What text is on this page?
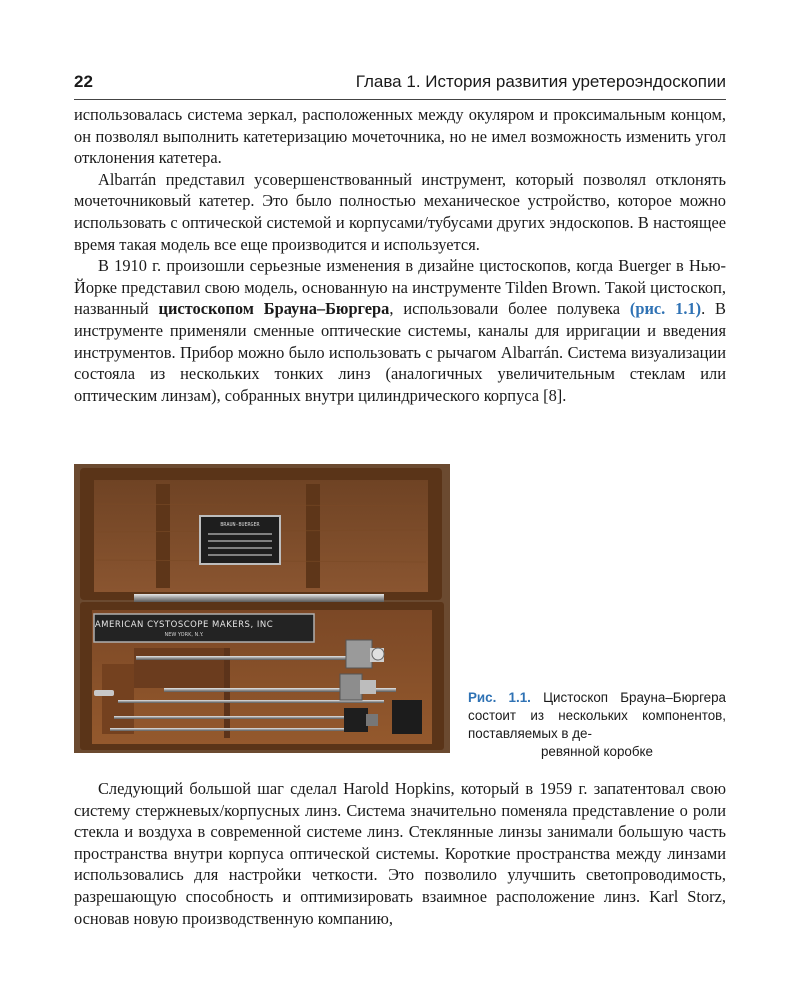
22	Глава 1. История развития уретероэндоскопии

использовалась система зеркал, расположенных между окуляром и проксимальным концом, он позволял выполнить катетеризацию мочеточника, но не имел возможность изменить угол отклонения катетера.

Albarrán представил усовершенствованный инструмент, который позволял отклонять мочеточниковый катетер. Это было полностью механическое устройство, которое можно использовать с оптической системой и корпусами/тубусами других эндоскопов. В настоящее время такая модель все еще производится и используется.

В 1910 г. произошли серьезные изменения в дизайне цистоскопов, когда Buerger в Нью-Йорке представил свою модель, основанную на инструменте Tilden Brown. Такой цистоскоп, названный цистоскопом Брауна–Бюргера, использовали более полувека (рис. 1.1). В инструменте применяли сменные оптические системы, каналы для ирригации и введения инструментов. Прибор можно было использовать с рычагом Albarrán. Система визуализации состояла из нескольких тонких линз (аналогичных увеличительным стеклам или оптическим линзам), собранных внутри цилиндрического корпуса [8].

BRAUN-BUERGER
AMERICAN CYSTOSCOPE MAKERS, INC
NEW YORK, N.Y.
Рис. 1.1. Цистоскоп Брауна–Бюргера состоит из нескольких компонентов, поставляемых в де-
ревянной коробке

Следующий большой шаг сделал Harold Hopkins, который в 1959 г. запатентовал свою систему стержневых/корпусных линз. Система значительно поменяла представление о роли стекла и воздуха в современной системе линз. Стеклянные линзы занимали большую часть пространства внутри корпуса оптической системы. Короткие пространства между линзами использовались для настройки четкости. Это позволило улучшить светопроводимость, разрешающую способность и оптимизировать взаимное расположение линз. Karl Storz, основав новую производственную компанию,
